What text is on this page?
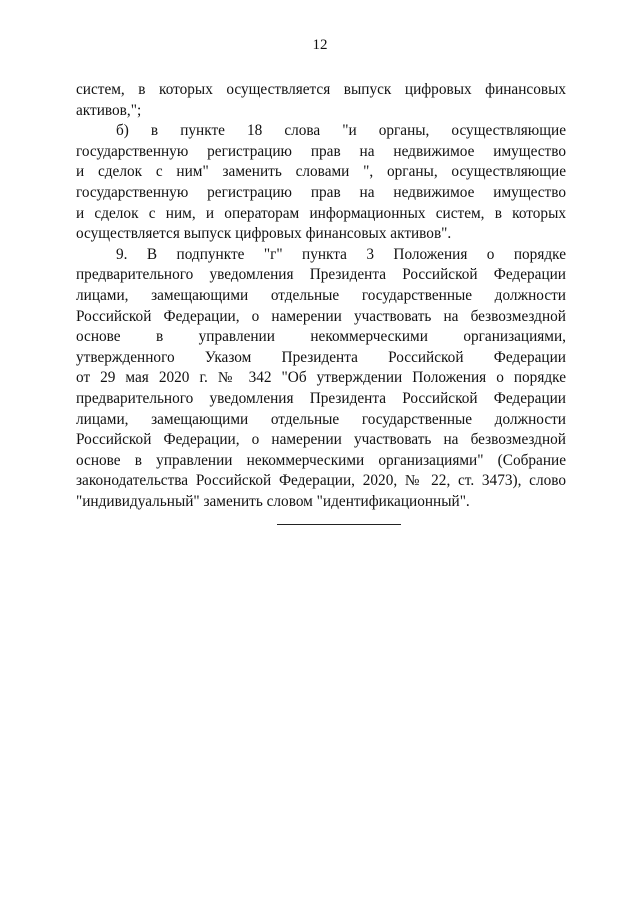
12
систем, в которых осуществляется выпуск цифровых финансовых
активов,";
б) в пункте 18 слова "и органы, осуществляющие
государственную регистрацию прав на недвижимое имущество
и сделок с ним" заменить словами ", органы, осуществляющие
государственную регистрацию прав на недвижимое имущество
и сделок с ним, и операторам информационных систем, в которых
осуществляется выпуск цифровых финансовых активов".
9. В подпункте "г" пункта 3 Положения о порядке
предварительного уведомления Президента Российской Федерации
лицами, замещающими отдельные государственные должности
Российской Федерации, о намерении участвовать на безвозмездной
основе в управлении некоммерческими организациями,
утвержденного Указом Президента Российской Федерации
от 29 мая 2020 г. № 342 "Об утверждении Положения о порядке
предварительного уведомления Президента Российской Федерации
лицами, замещающими отдельные государственные должности
Российской Федерации, о намерении участвовать на безвозмездной
основе в управлении некоммерческими организациями" (Собрание
законодательства Российской Федерации, 2020, № 22, ст. 3473), слово
"индивидуальный" заменить словом "идентификационный".
